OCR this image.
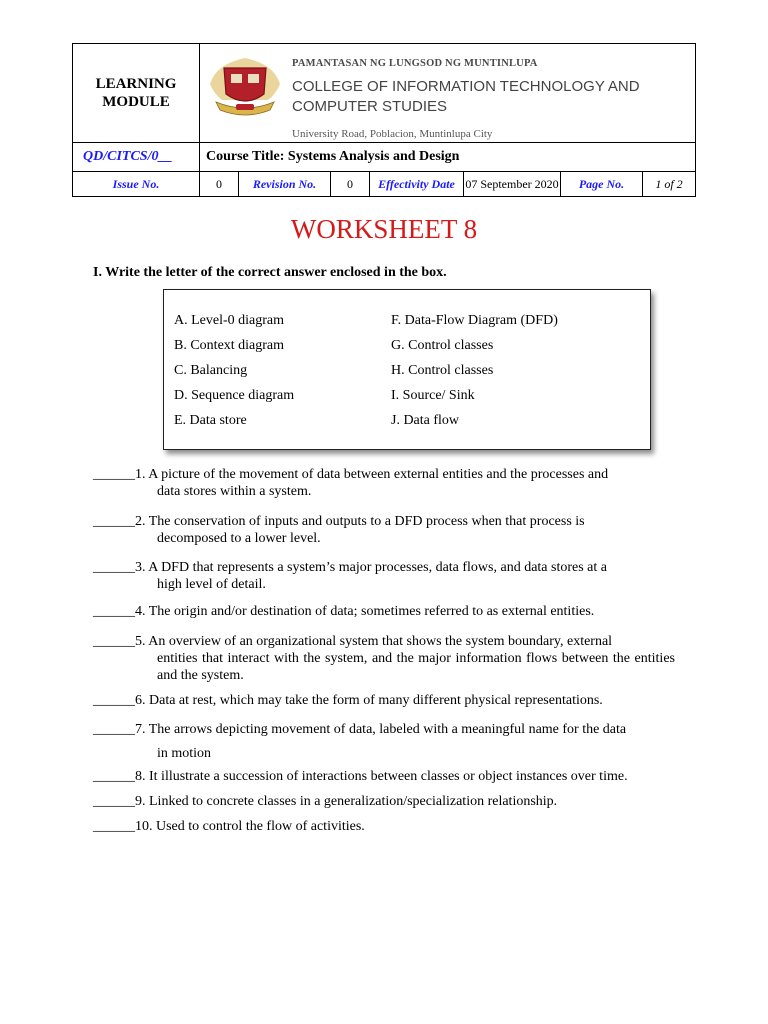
LEARNING MODULE	PAMANTASAN NG LUNGSOD NG MUNTINLUPA
COLLEGE OF INFORMATION TECHNOLOGY AND COMPUTER STUDIES
University Road, Poblacion, Muntinlupa City						

QD/CITCS/0__	Course Title: Systems Analysis and Design						
Issue No.	0	Revision No.	0	Effectivity Date	07 September 2020	Page No.	1 of 2
WORKSHEET 8
I. Write the letter of the correct answer enclosed in the box.
A. Level-0 diagram
B. Context diagram
C. Balancing
D. Sequence diagram
E. Data store
F. Data-Flow Diagram (DFD)
G. Control classes
H. Control classes
I. Source/ Sink
J. Data flow
______1. A picture of the movement of data between external entities and the processes and
data stores within a system.
______2. The conservation of inputs and outputs to a DFD process when that process is
decomposed to a lower level.
______3. A DFD that represents a system’s major processes, data flows, and data stores at a
high level of detail.
______4. The origin and/or destination of data; sometimes referred to as external entities.
______5. An overview of an organizational system that shows the system boundary, external
entities that interact with the system, and the major information flows between the entities and the system.
______6. Data at rest, which may take the form of many different physical representations.
______7. The arrows depicting movement of data, labeled with a meaningful name for the data
in motion
______8. It illustrate a succession of interactions between classes or object instances over time.
______9. Linked to concrete classes in a generalization/specialization relationship.
______10. Used to control the flow of activities.
